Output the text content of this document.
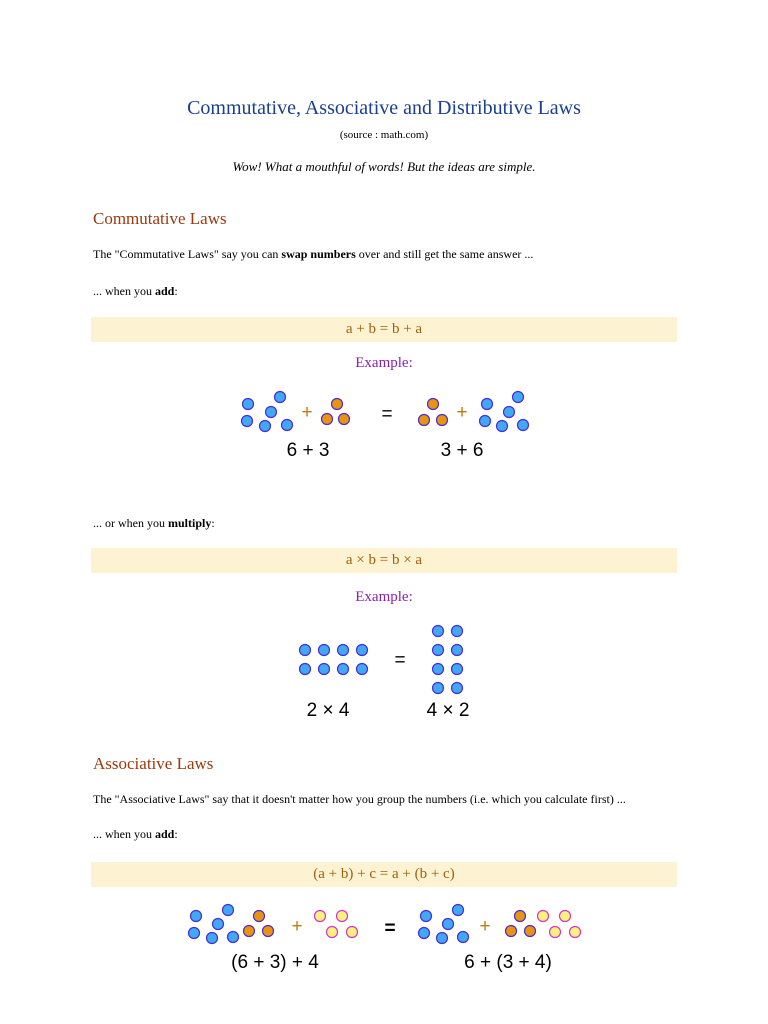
Commutative, Associative and Distributive Laws
(source : math.com)
Wow! What a mouthful of words! But the ideas are simple.
Commutative Laws
The "Commutative Laws" say you can swap numbers over and still get the same answer ...
... when you add:
a + b = b + a
Example:
... or when you multiply:
a × b = b × a
Example:
Associative Laws
The "Associative Laws" say that it doesn't matter how you group the numbers (i.e. which you calculate first) ...
... when you add:
(a + b) + c = a + (b + c)
+	=	+
6 + 3	3 + 6
=
2 × 4	4 × 2
+	=	+
(6 + 3) + 4	6 + (3 + 4)
